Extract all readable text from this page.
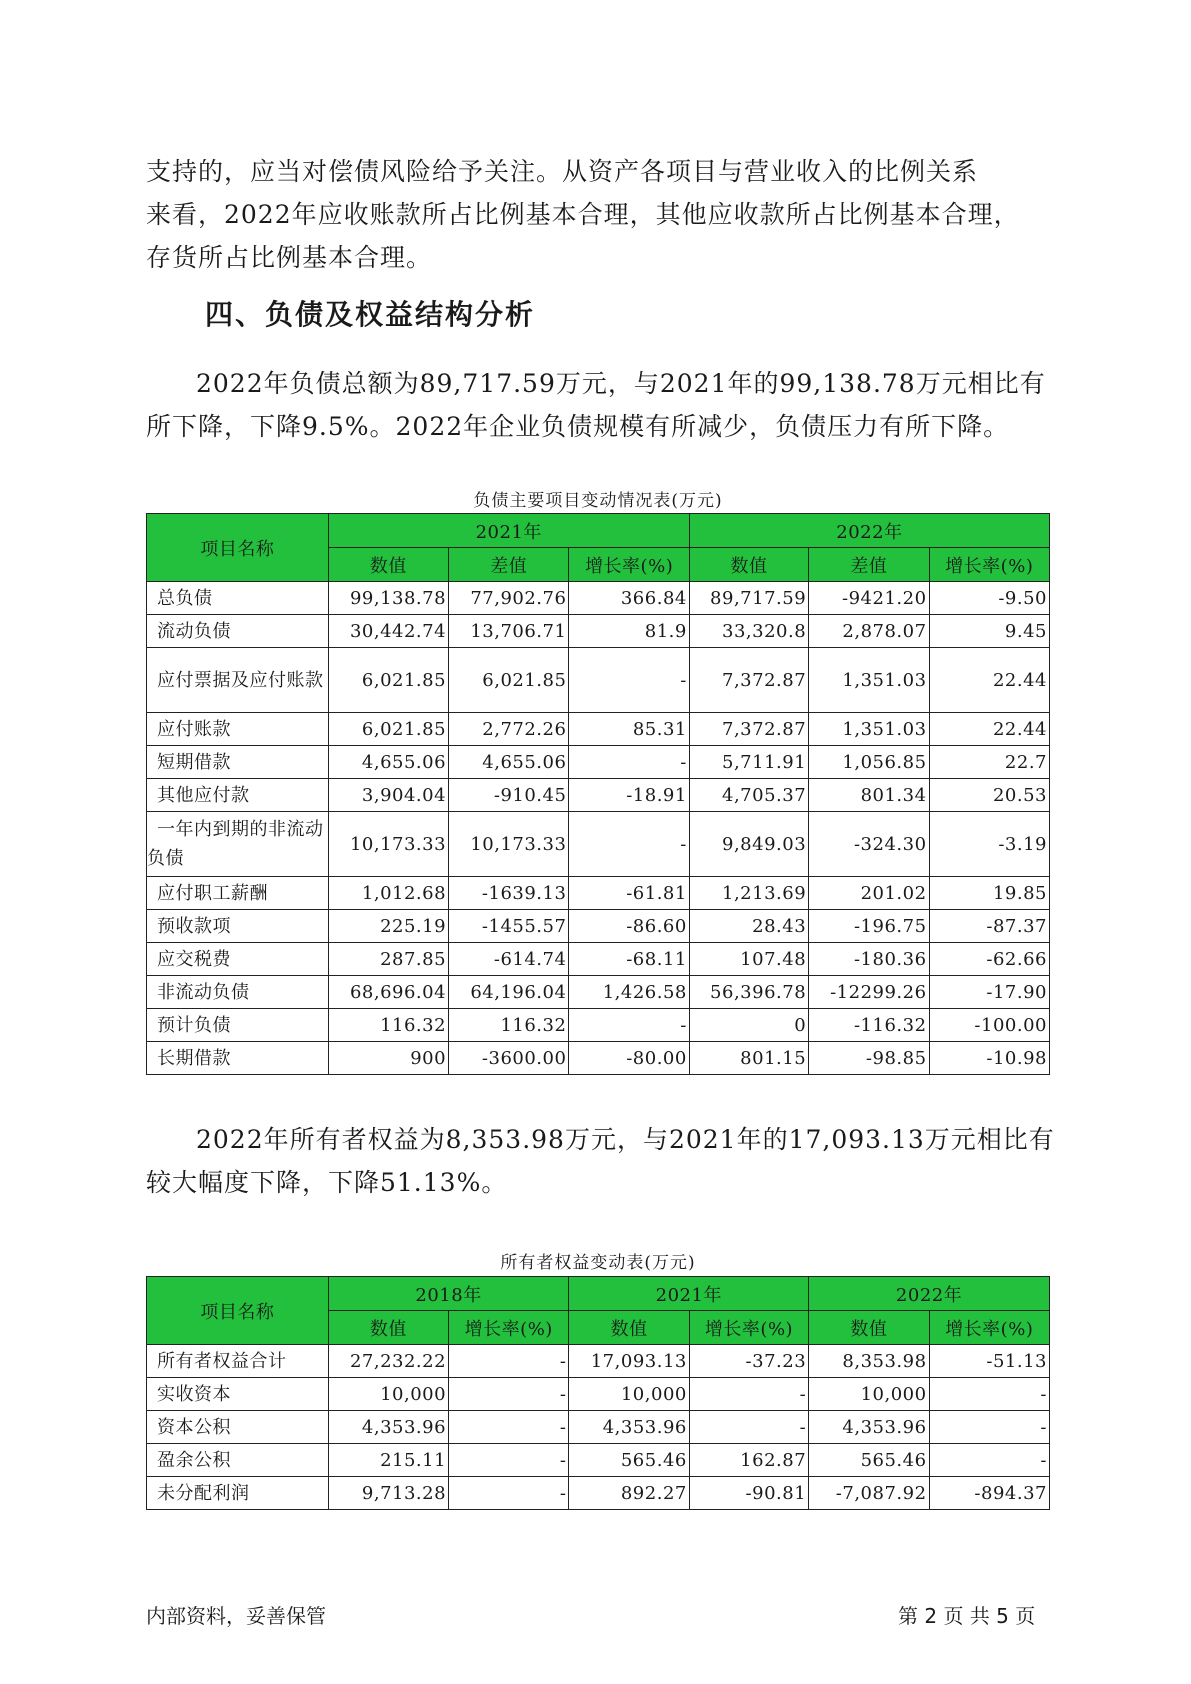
支持的，应当对偿债风险给予关注。从资产各项目与营业收入的比例关系
来看，2022年应收账款所占比例基本合理，其他应收款所占比例基本合理，
存货所占比例基本合理。
四、负债及权益结构分析
2022年负债总额为89,717.59万元，与2021年的99,138.78万元相比有
所下降，下降9.5%。2022年企业负债规模有所减少，负债压力有所下降。

负债主要项目变动情况表(万元)

项目名称	2021年			2022年		
	数值	差值	增长率(%)	数值	差值	增长率(%)
总负债	99,138.78	77,902.76	366.84	89,717.59	-9421.20	-9.50
流动负债	30,442.74	13,706.71	81.9	33,320.8	2,878.07	9.45
应付票据及应付账款	6,021.85	6,021.85	-	7,372.87	1,351.03	22.44
应付账款	6,021.85	2,772.26	85.31	7,372.87	1,351.03	22.44
短期借款	4,655.06	4,655.06	-	5,711.91	1,056.85	22.7
其他应付款	3,904.04	-910.45	-18.91	4,705.37	801.34	20.53
一年内到期的非流动负债	10,173.33	10,173.33	-	9,849.03	-324.30	-3.19
应付职工薪酬	1,012.68	-1639.13	-61.81	1,213.69	201.02	19.85
预收款项	225.19	-1455.57	-86.60	28.43	-196.75	-87.37
应交税费	287.85	-614.74	-68.11	107.48	-180.36	-62.66
非流动负债	68,696.04	64,196.04	1,426.58	56,396.78	-12299.26	-17.90
预计负债	116.32	116.32	-	0	-116.32	-100.00
长期借款	900	-3600.00	-80.00	801.15	-98.85	-10.98
2022年所有者权益为8,353.98万元，与2021年的17,093.13万元相比有
较大幅度下降，下降51.13%。

所有者权益变动表(万元)

项目名称	2018年		2021年		2022年	
	数值	增长率(%)	数值	增长率(%)	数值	增长率(%)
所有者权益合计	27,232.22	-	17,093.13	-37.23	8,353.98	-51.13
实收资本	10,000	-	10,000	-	10,000	-
资本公积	4,353.96	-	4,353.96	-	4,353.96	-
盈余公积	215.11	-	565.46	162.87	565.46	-
未分配利润	9,713.28	-	892.27	-90.81	-7,087.92	-894.37

内部资料，妥善保管	第 2 页 共 5 页
